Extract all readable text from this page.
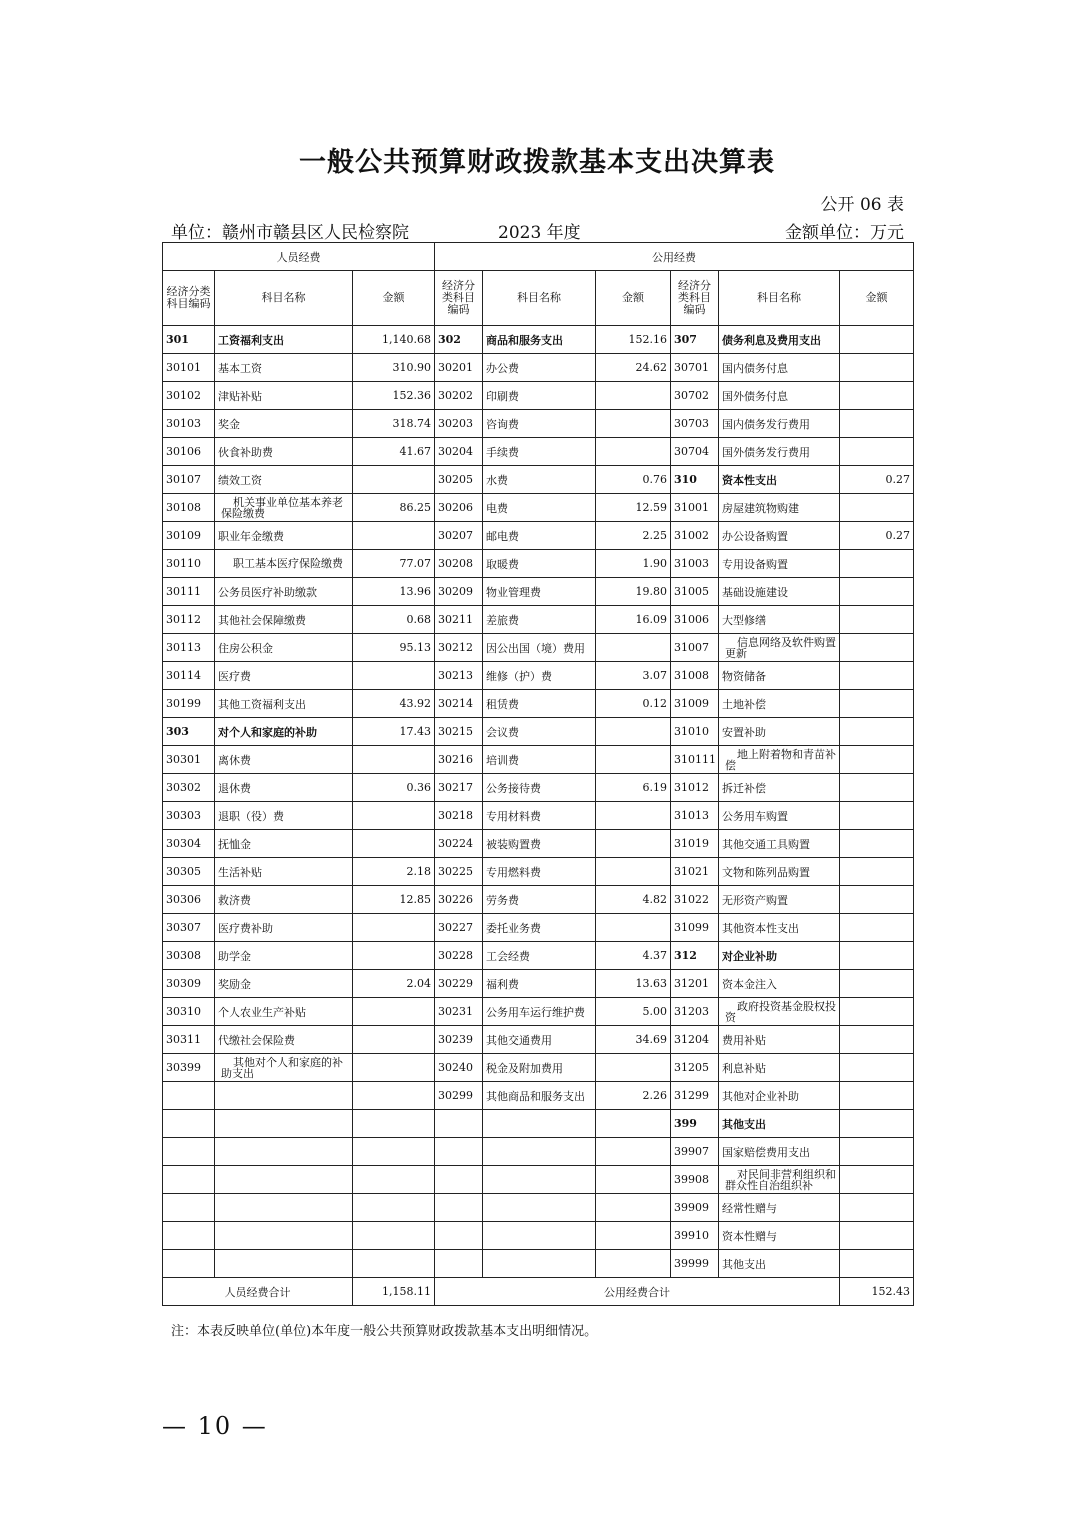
一般公共预算财政拨款基本支出决算表
公开 06 表
单位：赣州市赣县区人民检察院	2023 年度	金额单位：万元
人员经费			公用经费					
经济分类科目编码	科目名称	金额	经济分类科目编码	科目名称	金额	经济分类科目编码	科目名称	金额
301	工资福利支出	1,140.68	302	商品和服务支出	152.16	307	债务利息及费用支出	
30101	基本工资	310.90	30201	办公费	24.62	30701	国内债务付息	
30102	津贴补贴	152.36	30202	印刷费		30702	国外债务付息	
30103	奖金	318.74	30203	咨询费		30703	国内债务发行费用	
30106	伙食补助费	41.67	30204	手续费		30704	国外债务发行费用	
30107	绩效工资		30205	水费	0.76	310	资本性支出	0.27
30108	机关事业单位基本养老保险缴费	86.25	30206	电费	12.59	31001	房屋建筑物购建	
30109	职业年金缴费		30207	邮电费	2.25	31002	办公设备购置	0.27
30110	职工基本医疗保险缴费	77.07	30208	取暖费	1.90	31003	专用设备购置	
30111	公务员医疗补助缴款	13.96	30209	物业管理费	19.80	31005	基础设施建设	
30112	其他社会保障缴费	0.68	30211	差旅费	16.09	31006	大型修缮	
30113	住房公积金	95.13	30212	因公出国（境）费用		31007	信息网络及软件购置更新	
30114	医疗费		30213	维修（护）费	3.07	31008	物资储备	
30199	其他工资福利支出	43.92	30214	租赁费	0.12	31009	土地补偿	
303	对个人和家庭的补助	17.43	30215	会议费		31010	安置补助	
30301	离休费		30216	培训费		310111	地上附着物和青苗补偿	
30302	退休费	0.36	30217	公务接待费	6.19	31012	拆迁补偿	
30303	退职（役）费		30218	专用材料费		31013	公务用车购置	
30304	抚恤金		30224	被装购置费		31019	其他交通工具购置	
30305	生活补贴	2.18	30225	专用燃料费		31021	文物和陈列品购置	
30306	救济费	12.85	30226	劳务费	4.82	31022	无形资产购置	
30307	医疗费补助		30227	委托业务费		31099	其他资本性支出	
30308	助学金		30228	工会经费	4.37	312	对企业补助	
30309	奖励金	2.04	30229	福利费	13.63	31201	资本金注入	
30310	个人农业生产补贴		30231	公务用车运行维护费	5.00	31203	政府投资基金股权投资	
30311	代缴社会保险费		30239	其他交通费用	34.69	31204	费用补贴	
30399	其他对个人和家庭的补助支出		30240	税金及附加费用		31205	利息补贴	
			30299	其他商品和服务支出	2.26	31299	其他对企业补助	
						399	其他支出	
						39907	国家赔偿费用支出	
						39908	对民间非营利组织和群众性自治组织补	
						39909	经常性赠与	
						39910	资本性赠与	
						39999	其他支出	
人员经费合计		1,158.11	公用经费合计					152.43
注：本表反映单位(单位)本年度一般公共预算财政拨款基本支出明细情况。
— 10 —
